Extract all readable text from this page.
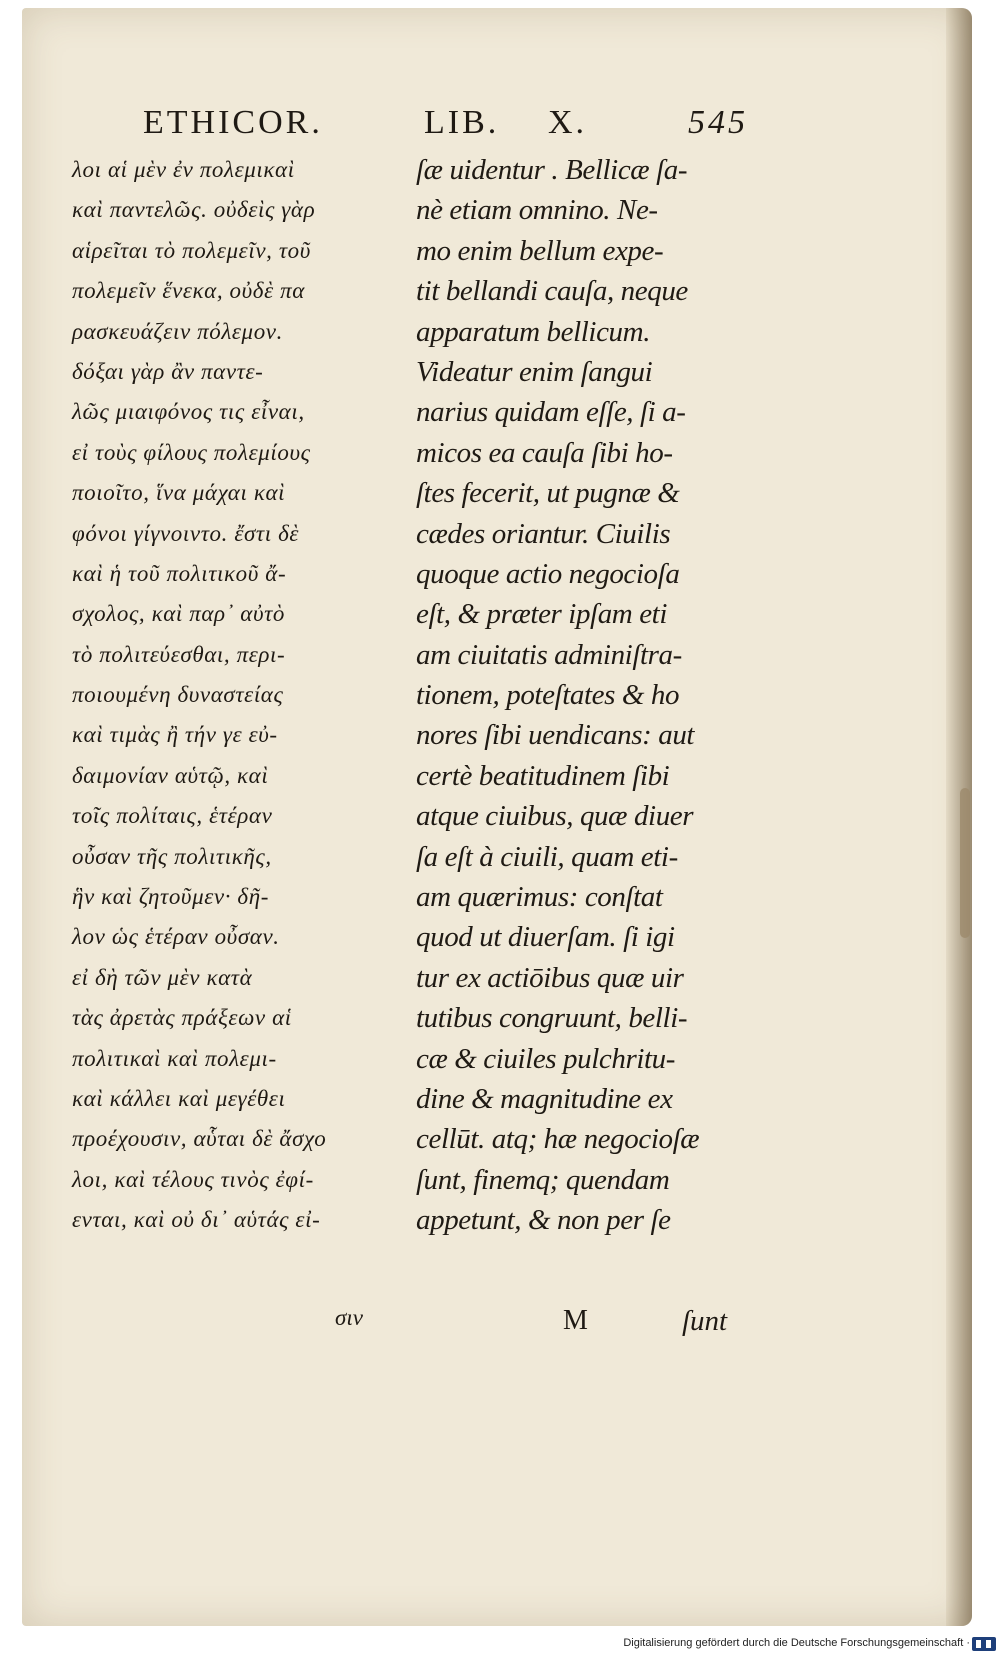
ETHICOR.	LIB. X.	545
λοι αἱ μὲν ἐν πολεμικαὶ
καὶ παντελῶς. οὐδεὶς γὰρ
αἱρεῖται τὸ πολεμεῖν, τοῦ
πολεμεῖν ἕνεκα, οὐδὲ πα
ρασκευάζειν πόλεμον.
δόξαι γὰρ ἂν παντε-
λῶς μιαιφόνος τις εἶναι,
εἰ τοὺς φίλους πολεμίους
ποιοῖτο, ἵνα μάχαι καὶ
φόνοι γίγνοιντο. ἔστι δὲ
καὶ ἡ τοῦ πολιτικοῦ ἄ-
σχολος, καὶ παρ᾽ αὐτὸ
τὸ πολιτεύεσθαι, περι-
ποιουμένη δυναστείας
καὶ τιμὰς ἢ τήν γε εὐ-
δαιμονίαν αὑτῷ, καὶ
τοῖς πολίταις, ἑτέραν
οὖσαν τῆς πολιτικῆς,
ἣν καὶ ζητοῦμεν· δῆ-
λον ὡς ἑτέραν οὖσαν.
εἰ δὴ τῶν μὲν κατὰ
τὰς ἀρετὰς πράξεων αἱ
πολιτικαὶ καὶ πολεμι-
καὶ κάλλει καὶ μεγέθει
προέχουσιν, αὗται δὲ ἄσχο
λοι, καὶ τέλους τινὸς ἐφί-
ενται, καὶ οὐ δι᾽ αὑτάς εἰ-
ſæ uidentur . Bellicæ ſa-
nè etiam omnino. Ne-
mo enim bellum expe-
tit bellandi cauſa, neque
apparatum bellicum.
Videatur enim ſangui
narius quidam eſſe, ſi a-
micos ea cauſa ſibi ho-
ſtes fecerit, ut pugnæ &
cædes oriantur. Ciuilis
quoque actio negocioſa
eſt, & præter ipſam eti
am ciuitatis adminiſtra-
tionem, poteſtates & ho
nores ſibi uendicans: aut
certè beatitudinem ſibi
atque ciuibus, quæ diuer
ſa eſt à ciuili, quam eti-
am quærimus: conſtat
quod ut diuerſam. ſi igi
tur ex actiōibus quæ uir
tutibus congruunt, belli-
cæ & ciuiles pulchritu-
dine & magnitudine ex
cellūt. atq; hæ negocioſæ
ſunt, finemq; quendam
appetunt, & non per ſe
σιν	M	ſunt
Digitalisierung gefördert durch die Deutsche Forschungsgemeinschaft ·
